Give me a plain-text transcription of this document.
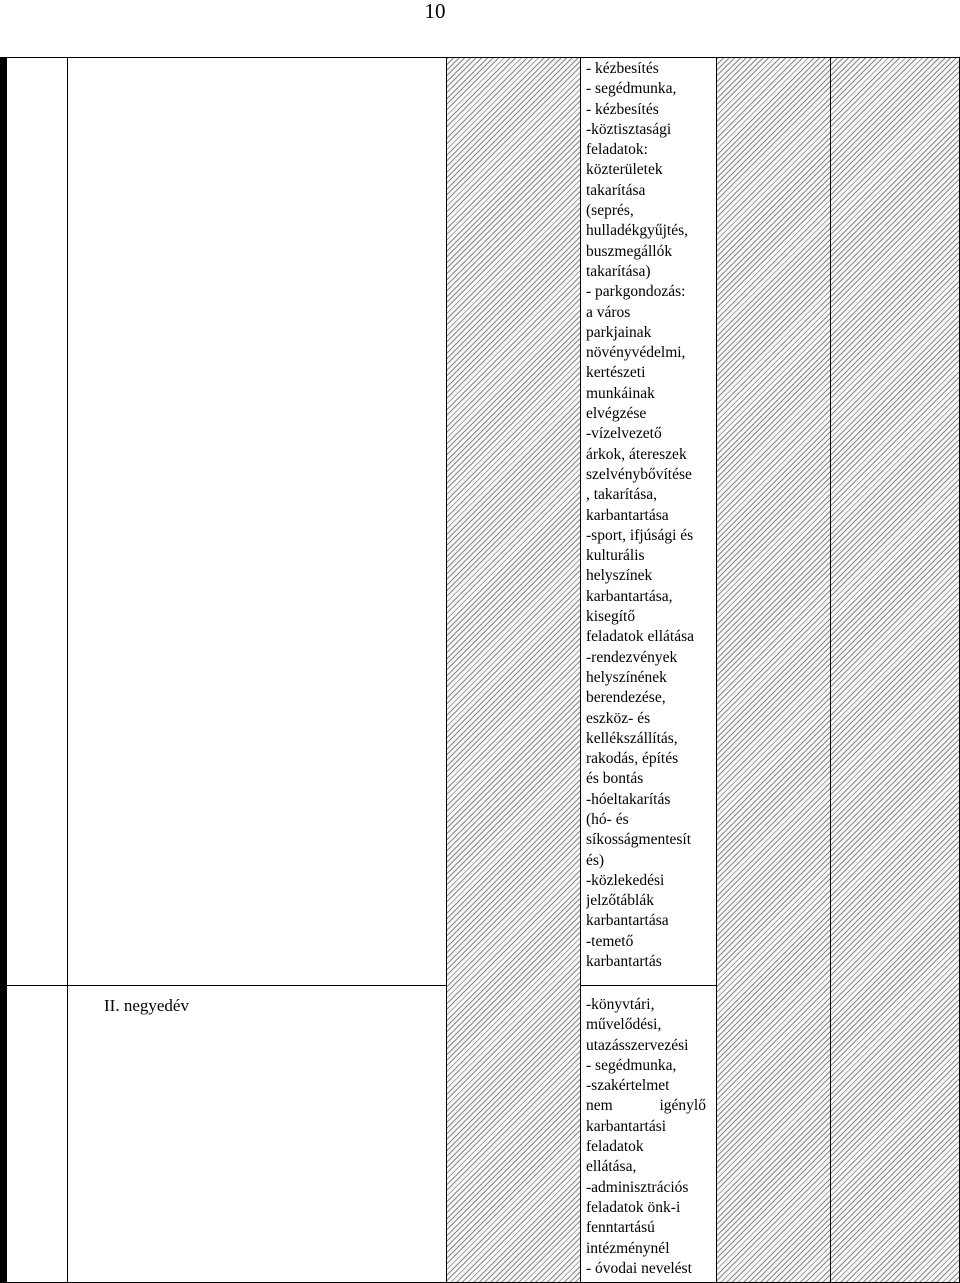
10
II. negyedév
- kézbesítés
- segédmunka,
- kézbesítés
-köztisztasági
feladatok:
közterületek
takarítása
(seprés,
hulladékgyűjtés,
buszmegállók
takarítása)
- parkgondozás:
a város
parkjainak
növényvédelmi,
kertészeti
munkáinak
elvégzése
-vízelvezető
árkok, átereszek
szelvénybővítése
, takarítása,
karbantartása
-sport, ifjúsági és
kulturális
helyszínek
karbantartása,
kisegítő
feladatok ellátása
-rendezvények
helyszínének
berendezése,
eszköz- és
kellékszállítás,
rakodás, építés
és bontás
-hóeltakarítás
(hó- és
síkosságmentesít
és)
-közlekedési
jelzőtáblák
karbantartása
-temető
karbantartás
-könyvtári,
művelődési,
utazásszervezési
- segédmunka,
-szakértelmet
nem	igénylő
karbantartási
feladatok
ellátása,
-adminisztrációs
feladatok önk-i
fenntartású
intézménynél
- óvodai nevelést
